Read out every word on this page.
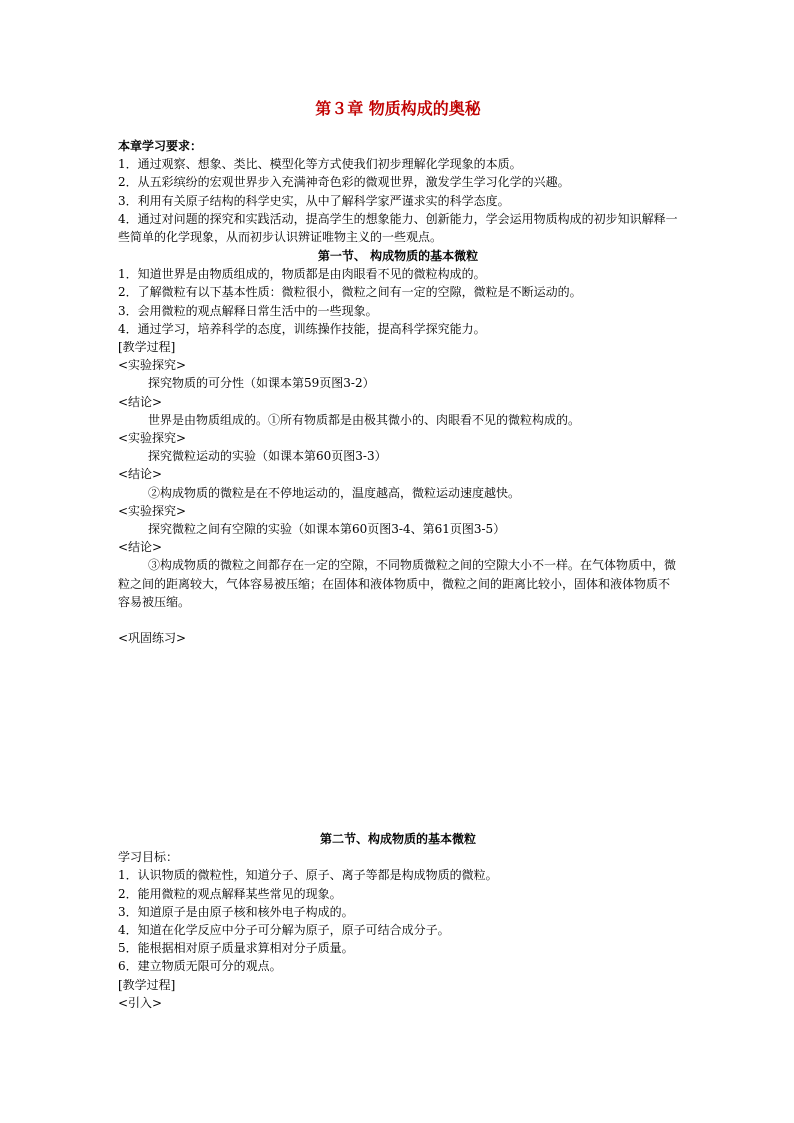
第３章 物质构成的奥秘

本章学习要求：

1．通过观察、想象、类比、模型化等方式使我们初步理解化学现象的本质。

2．从五彩缤纷的宏观世界步入充满神奇色彩的微观世界，激发学生学习化学的兴趣。

3．利用有关原子结构的科学史实，从中了解科学家严谨求实的科学态度。

4．通过对问题的探究和实践活动，提高学生的想象能力、创新能力，学会运用物质构成的初步知识解释一些简单的化学现象，从而初步认识辨证唯物主义的一些观点。

第一节、 构成物质的基本微粒

1．知道世界是由物质组成的，物质都是由肉眼看不见的微粒构成的。

2．了解微粒有以下基本性质：微粒很小，微粒之间有一定的空隙，微粒是不断运动的。

3．会用微粒的观点解释日常生活中的一些现象。

4．通过学习，培养科学的态度，训练操作技能，提高科学探究能力。

[教学过程]

<实验探究>

探究物质的可分性（如课本第59页图3-2）

<结论>

世界是由物质组成的。①所有物质都是由极其微小的、肉眼看不见的微粒构成的。

<实验探究>

探究微粒运动的实验（如课本第60页图3-3）

<结论>

②构成物质的微粒是在不停地运动的，温度越高，微粒运动速度越快。

<实验探究>

探究微粒之间有空隙的实验（如课本第60页图3-4、第61页图3-5）

<结论>

③构成物质的微粒之间都存在一定的空隙，不同物质微粒之间的空隙大小不一样。在气体物质中，微粒之间的距离较大，气体容易被压缩；在固体和液体物质中，微粒之间的距离比较小，固体和液体物质不容易被压缩。

<巩固练习>

第二节、构成物质的基本微粒

学习目标：

1．认识物质的微粒性，知道分子、原子、离子等都是构成物质的微粒。

2．能用微粒的观点解释某些常见的现象。

3．知道原子是由原子核和核外电子构成的。

4．知道在化学反应中分子可分解为原子，原子可结合成分子。

5．能根据相对原子质量求算相对分子质量。

6．建立物质无限可分的观点。

[教学过程]

<引入>
